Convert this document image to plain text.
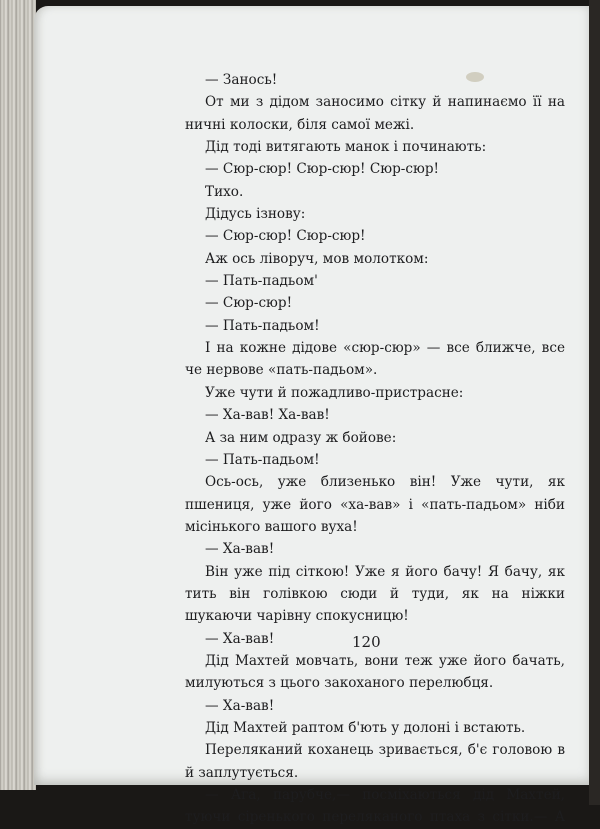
— Занось!
От ми з дідом заносимо сітку й напинаємо її на
ничні колоски, біля самої межі.
Дід тоді витягають манок і починають:
— Сюр-сюр! Сюр-сюр! Сюр-сюр!
Тихо.
Дідусь ізнову:
— Сюр-сюр! Сюр-сюр!
Аж ось ліворуч, мов молотком:
— Пать-падьом'
— Сюр-сюр!
— Пать-падьом!
І на кожне дідове «сюр-сюр» — все ближче, все
че нервове «пать-падьом».
Уже чути й пожадливо-пристрасне:
— Ха-вав! Ха-вав!
А за ним одразу ж бойове:
— Пать-падьом!
Ось-ось, уже близенько він! Уже чути, як
пшениця, уже його «ха-вав» і «пать-падьом» ніби
місінького вашого вуха!
— Ха-вав!
Він уже під сіткою! Уже я його бачу! Я бачу, як
тить він голівкою сюди й туди, як на ніжки
шукаючи чарівну спокусницю!
— Ха-вав!
Дід Махтей мовчать, вони теж уже його бачать,
милуються з цього закоханого перелюбця.
— Ха-вав!
Дід Махтей раптом б'ють у долоні і встають.
Переляканий коханець зривається, б'є головою в
й заплутується.
— Ага, парубче,— посміхаються дід Махтей,
туючи сіренького переляканого птаха з сітки.— А
120
